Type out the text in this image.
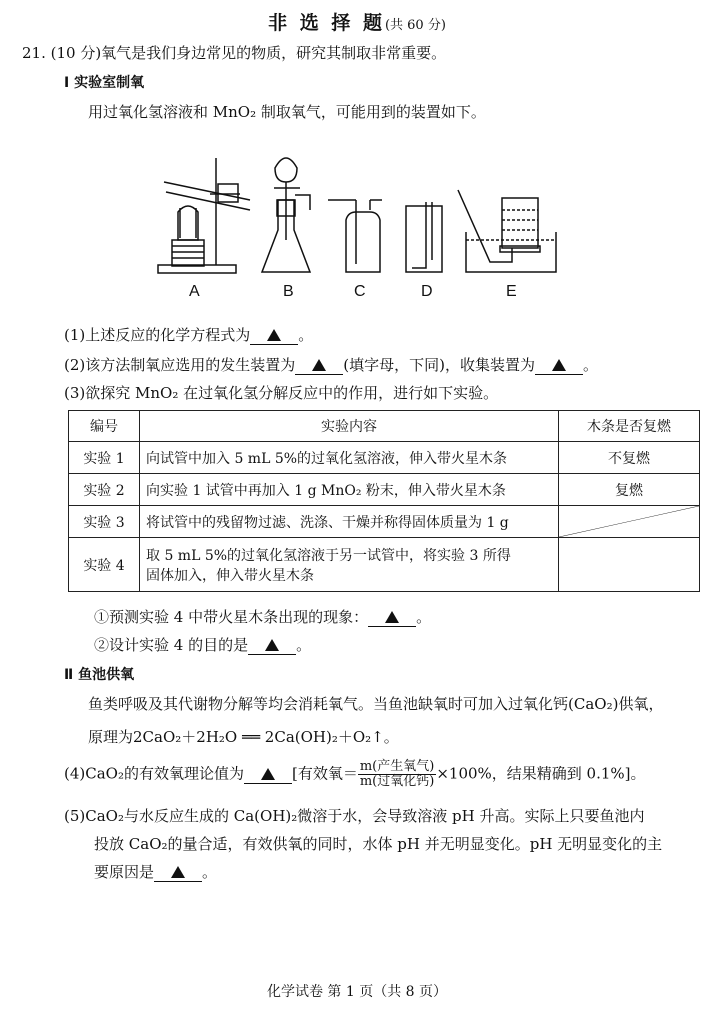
非 选 择 题(共 60 分)
21. (10 分)氧气是我们身边常见的物质，研究其制取非常重要。
Ⅰ 实验室制氧
用过氧化氢溶液和 MnO₂ 制取氧气，可能用到的装置如下。
A	B	C	D	E
(1)上述反应的化学方程式为	。
(2)该方法制氧应选用的发生装置为	(填字母，下同)，收集装置为	。
(3)欲探究 MnO₂ 在过氧化氢分解反应中的作用，进行如下实验。
编号	实验内容	木条是否复燃
实验 1	向试管中加入 5 mL 5%的过氧化氢溶液，伸入带火星木条	不复燃
实验 2	向实验 1 试管中再加入 1 g MnO₂ 粉末，伸入带火星木条	复燃
实验 3	将试管中的残留物过滤、洗涤、干燥并称得固体质量为 1 g	

实验 4	取 5 mL 5%的过氧化氢溶液于另一试管中，将实验 3 所得
固体加入，伸入带火星木条	

①预测实验 4 中带火星木条出现的现象：	。
②设计实验 4 的目的是	。
Ⅱ 鱼池供氧
鱼类呼吸及其代谢物分解等均会消耗氧气。当鱼池缺氧时可加入过氧化钙(CaO₂)供氧，
原理为2CaO₂＋2H₂O ══ 2Ca(OH)₂＋O₂↑。
(4)CaO₂的有效氧理论值为	[有效氧＝ $\frac{\text{m(产生氧气)}}{\text{m(过氧化钙)}} \times 100\%$，结果精确到 0.1%]。
(5)CaO₂与水反应生成的 Ca(OH)₂微溶于水，会导致溶液 pH 升高。实际上只要鱼池内
投放 CaO₂的量合适，有效供氧的同时，水体 pH 并无明显变化。pH 无明显变化的主
要原因是	。
化学试卷 第 1 页（共 8 页）
